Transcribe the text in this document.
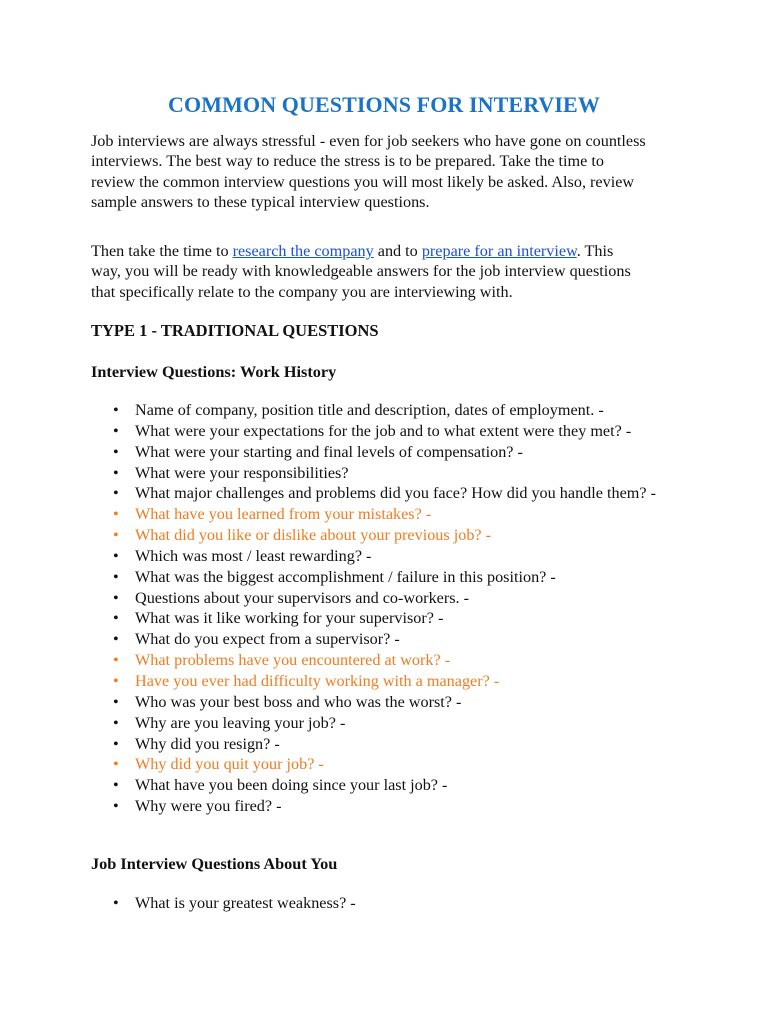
COMMON QUESTIONS FOR INTERVIEW
Job interviews are always stressful - even for job seekers who have gone on countless
interviews. The best way to reduce the stress is to be prepared. Take the time to
review the common interview questions you will most likely be asked. Also, review
sample answers to these typical interview questions.
Then take the time to research the company and to prepare for an interview. This
way, you will be ready with knowledgeable answers for the job interview questions
that specifically relate to the company you are interviewing with.
TYPE 1 - TRADITIONAL QUESTIONS
Interview Questions: Work History
• Name of company, position title and description, dates of employment. -
• What were your expectations for the job and to what extent were they met? -
• What were your starting and final levels of compensation? -
• What were your responsibilities?
• What major challenges and problems did you face? How did you handle them? -
• What have you learned from your mistakes? -
• What did you like or dislike about your previous job? -
• Which was most / least rewarding? -
• What was the biggest accomplishment / failure in this position? -
• Questions about your supervisors and co-workers. -
• What was it like working for your supervisor? -
• What do you expect from a supervisor? -
• What problems have you encountered at work? -
• Have you ever had difficulty working with a manager? -
• Who was your best boss and who was the worst? -
• Why are you leaving your job? -
• Why did you resign? -
• Why did you quit your job? -
• What have you been doing since your last job? -
• Why were you fired? -
Job Interview Questions About You
• What is your greatest weakness? -
